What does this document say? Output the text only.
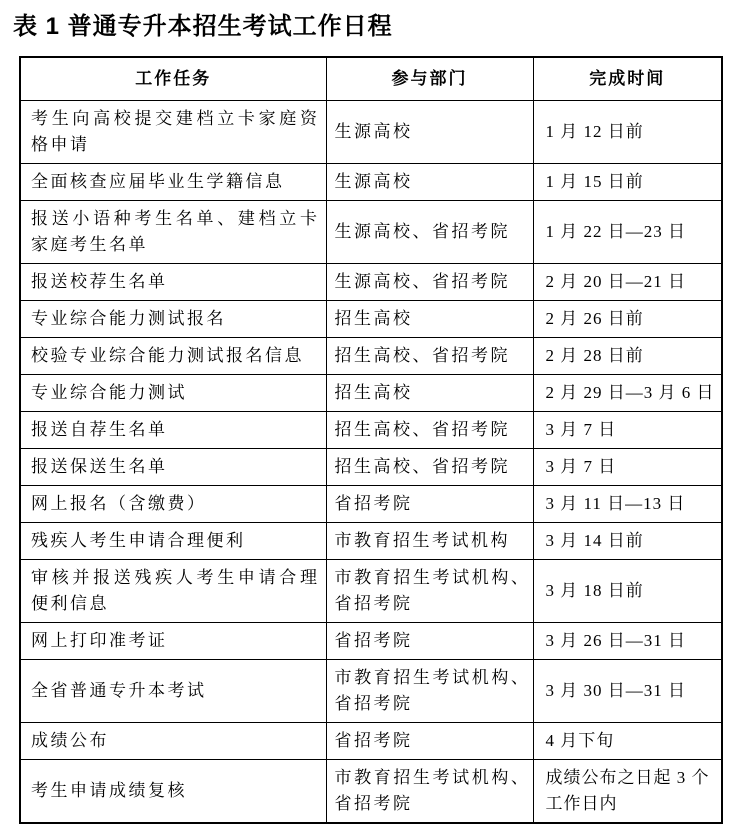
表 1 普通专升本招生考试工作日程
工作任务	参与部门	完成时间
考生向高校提交建档立卡家庭资格申请	生源高校	1 月 12 日前
全面核查应届毕业生学籍信息	生源高校	1 月 15 日前
报送小语种考生名单、建档立卡家庭考生名单	生源高校、省招考院	1 月 22 日—23 日
报送校荐生名单	生源高校、省招考院	2 月 20 日—21 日
专业综合能力测试报名	招生高校	2 月 26 日前
校验专业综合能力测试报名信息	招生高校、省招考院	2 月 28 日前
专业综合能力测试	招生高校	2 月 29 日—3 月 6 日
报送自荐生名单	招生高校、省招考院	3 月 7 日
报送保送生名单	招生高校、省招考院	3 月 7 日
网上报名（含缴费）	省招考院	3 月 11 日—13 日
残疾人考生申请合理便利	市教育招生考试机构	3 月 14 日前
审核并报送残疾人考生申请合理便利信息	市教育招生考试机构、省招考院	3 月 18 日前
网上打印准考证	省招考院	3 月 26 日—31 日
全省普通专升本考试	市教育招生考试机构、省招考院	3 月 30 日—31 日
成绩公布	省招考院	4 月下旬
考生申请成绩复核	市教育招生考试机构、省招考院	成绩公布之日起 3 个工作日内
